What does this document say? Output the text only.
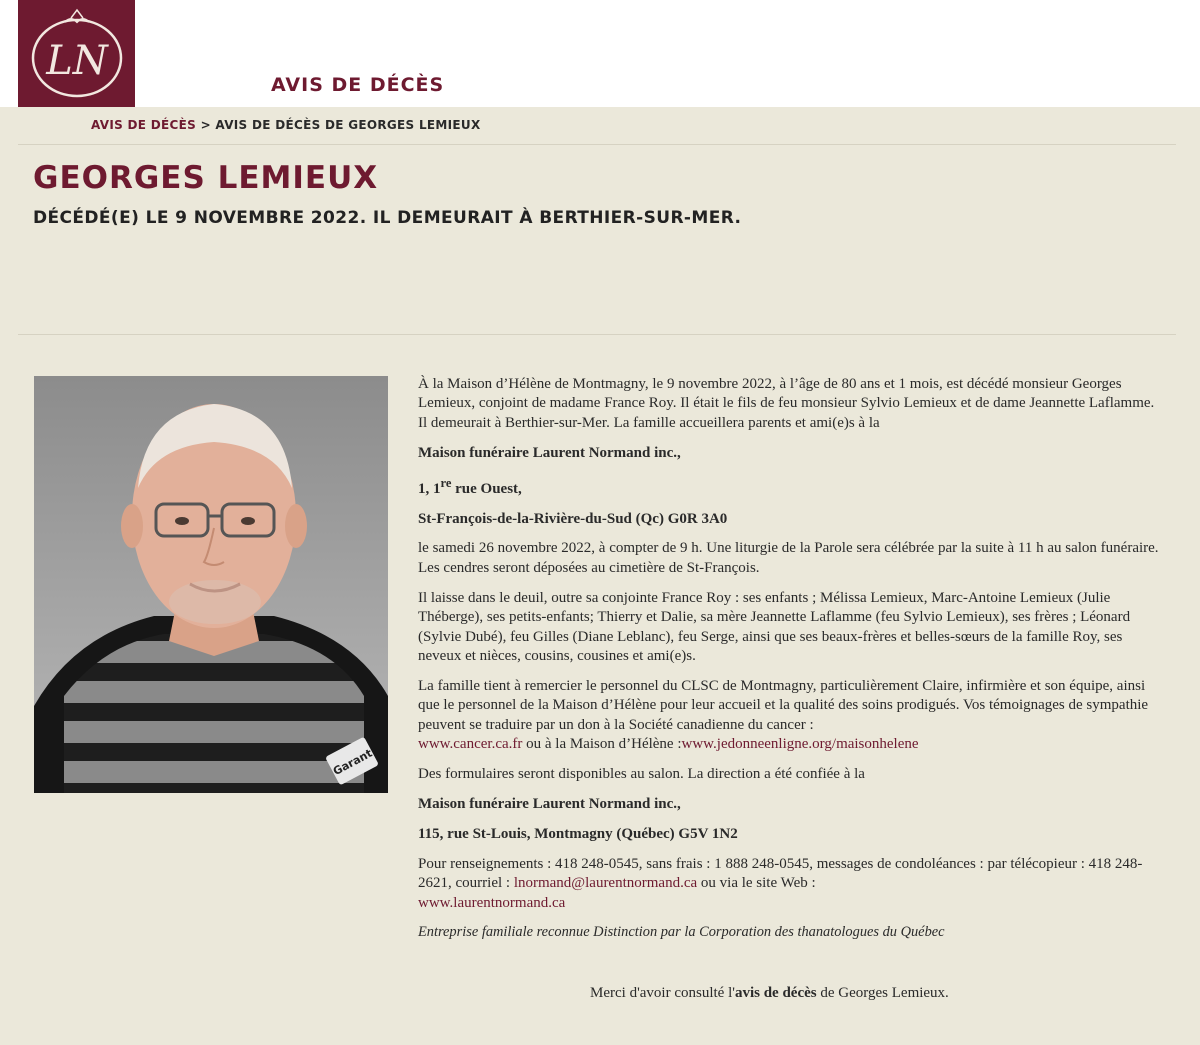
LN
AVIS DE DÉCÈS
AVIS DE DÉCÈS > AVIS DE DÉCÈS DE GEORGES LEMIEUX
GEORGES LEMIEUX
DÉCÉDÉ(E) LE 9 NOVEMBRE 2022. IL DEMEURAIT À BERTHIER-SUR-MER.
Garant

À la Maison d’Hélène de Montmagny, le 9 novembre 2022, à l’âge de 80 ans et 1 mois, est décédé monsieur Georges Lemieux, conjoint de madame France Roy. Il était le fils de feu monsieur Sylvio Lemieux et de dame Jeannette Laflamme. Il demeurait à Berthier-sur-Mer. La famille accueillera parents et ami(e)s à la

Maison funéraire Laurent Normand inc.,

1, 1re rue Ouest,

St-François-de-la-Rivière-du-Sud (Qc) G0R 3A0

le samedi 26 novembre 2022, à compter de 9 h. Une liturgie de la Parole sera célébrée par la suite à 11 h au salon funéraire. Les cendres seront déposées au cimetière de St-François.

Il laisse dans le deuil, outre sa conjointe France Roy : ses enfants ; Mélissa Lemieux, Marc-Antoine Lemieux (Julie Théberge), ses petits-enfants; Thierry et Dalie, sa mère Jeannette Laflamme (feu Sylvio Lemieux), ses frères ; Léonard (Sylvie Dubé), feu Gilles (Diane Leblanc), feu Serge, ainsi que ses beaux-frères et belles-sœurs de la famille Roy, ses neveux et nièces, cousins, cousines et ami(e)s.

La famille tient à remercier le personnel du CLSC de Montmagny, particulièrement Claire, infirmière et son équipe, ainsi que le personnel de la Maison d’Hélène pour leur accueil et la qualité des soins prodigués. Vos témoignages de sympathie peuvent se traduire par un don à la Société canadienne du cancer :
www.cancer.ca.fr ou à la Maison d’Hélène :www.jedonneenligne.org/maisonhelene

Des formulaires seront disponibles au salon. La direction a été confiée à la

Maison funéraire Laurent Normand inc.,

115, rue St-Louis, Montmagny (Québec) G5V 1N2

Pour renseignements : 418 248-0545, sans frais : 1 888 248-0545, messages de condoléances : par télécopieur : 418 248-2621, courriel : lnormand@laurentnormand.ca ou via le site Web :
www.laurentnormand.ca

Entreprise familiale reconnue Distinction par la Corporation des thanatologues du Québec

Merci d'avoir consulté l'avis de décès de Georges Lemieux.
